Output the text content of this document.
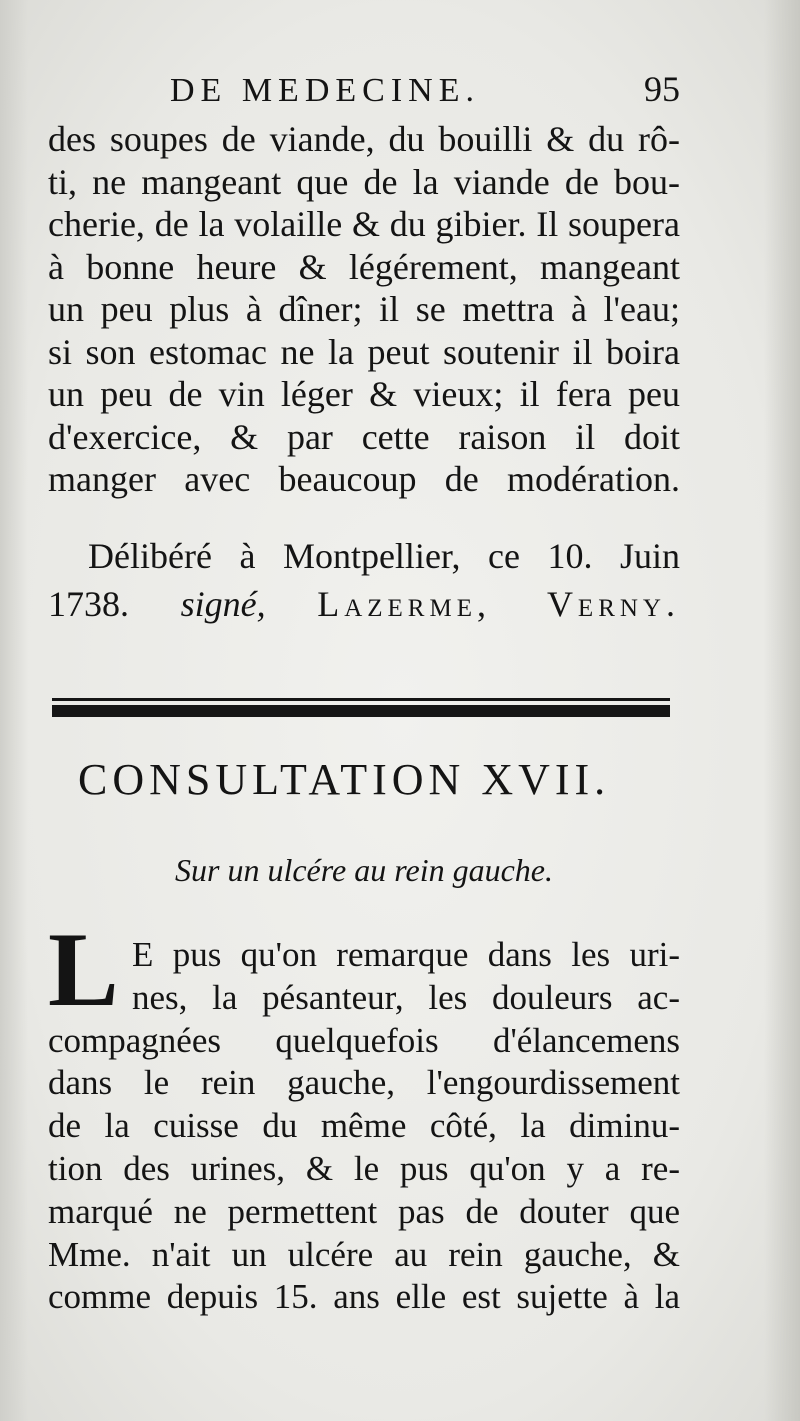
DE MEDECINE.	95
des soupes de viande, du bouilli & du rô-
ti, ne mangeant que de la viande de bou-
cherie, de la volaille & du gibier. Il soupera
à bonne heure & légérement, mangeant
un peu plus à dîner; il se mettra à l'eau;
si son estomac ne la peut soutenir il boira
un peu de vin léger & vieux; il fera peu
d'exercice, & par cette raison il doit
manger avec beaucoup de modération.
Délibéré à Montpellier, ce 10. Juin
1738. signé, Lazerme, Verny.
CONSULTATION XVII.
Sur un ulcére au rein gauche.
L E pus qu'on remarque dans les uri-
nes, la pésanteur, les douleurs ac-
compagnées quelquefois d'élancemens
dans le rein gauche, l'engourdissement
de la cuisse du même côté, la diminu-
tion des urines, & le pus qu'on y a re-
marqué ne permettent pas de douter que
Mme. n'ait un ulcére au rein gauche, &
comme depuis 15. ans elle est sujette à la
